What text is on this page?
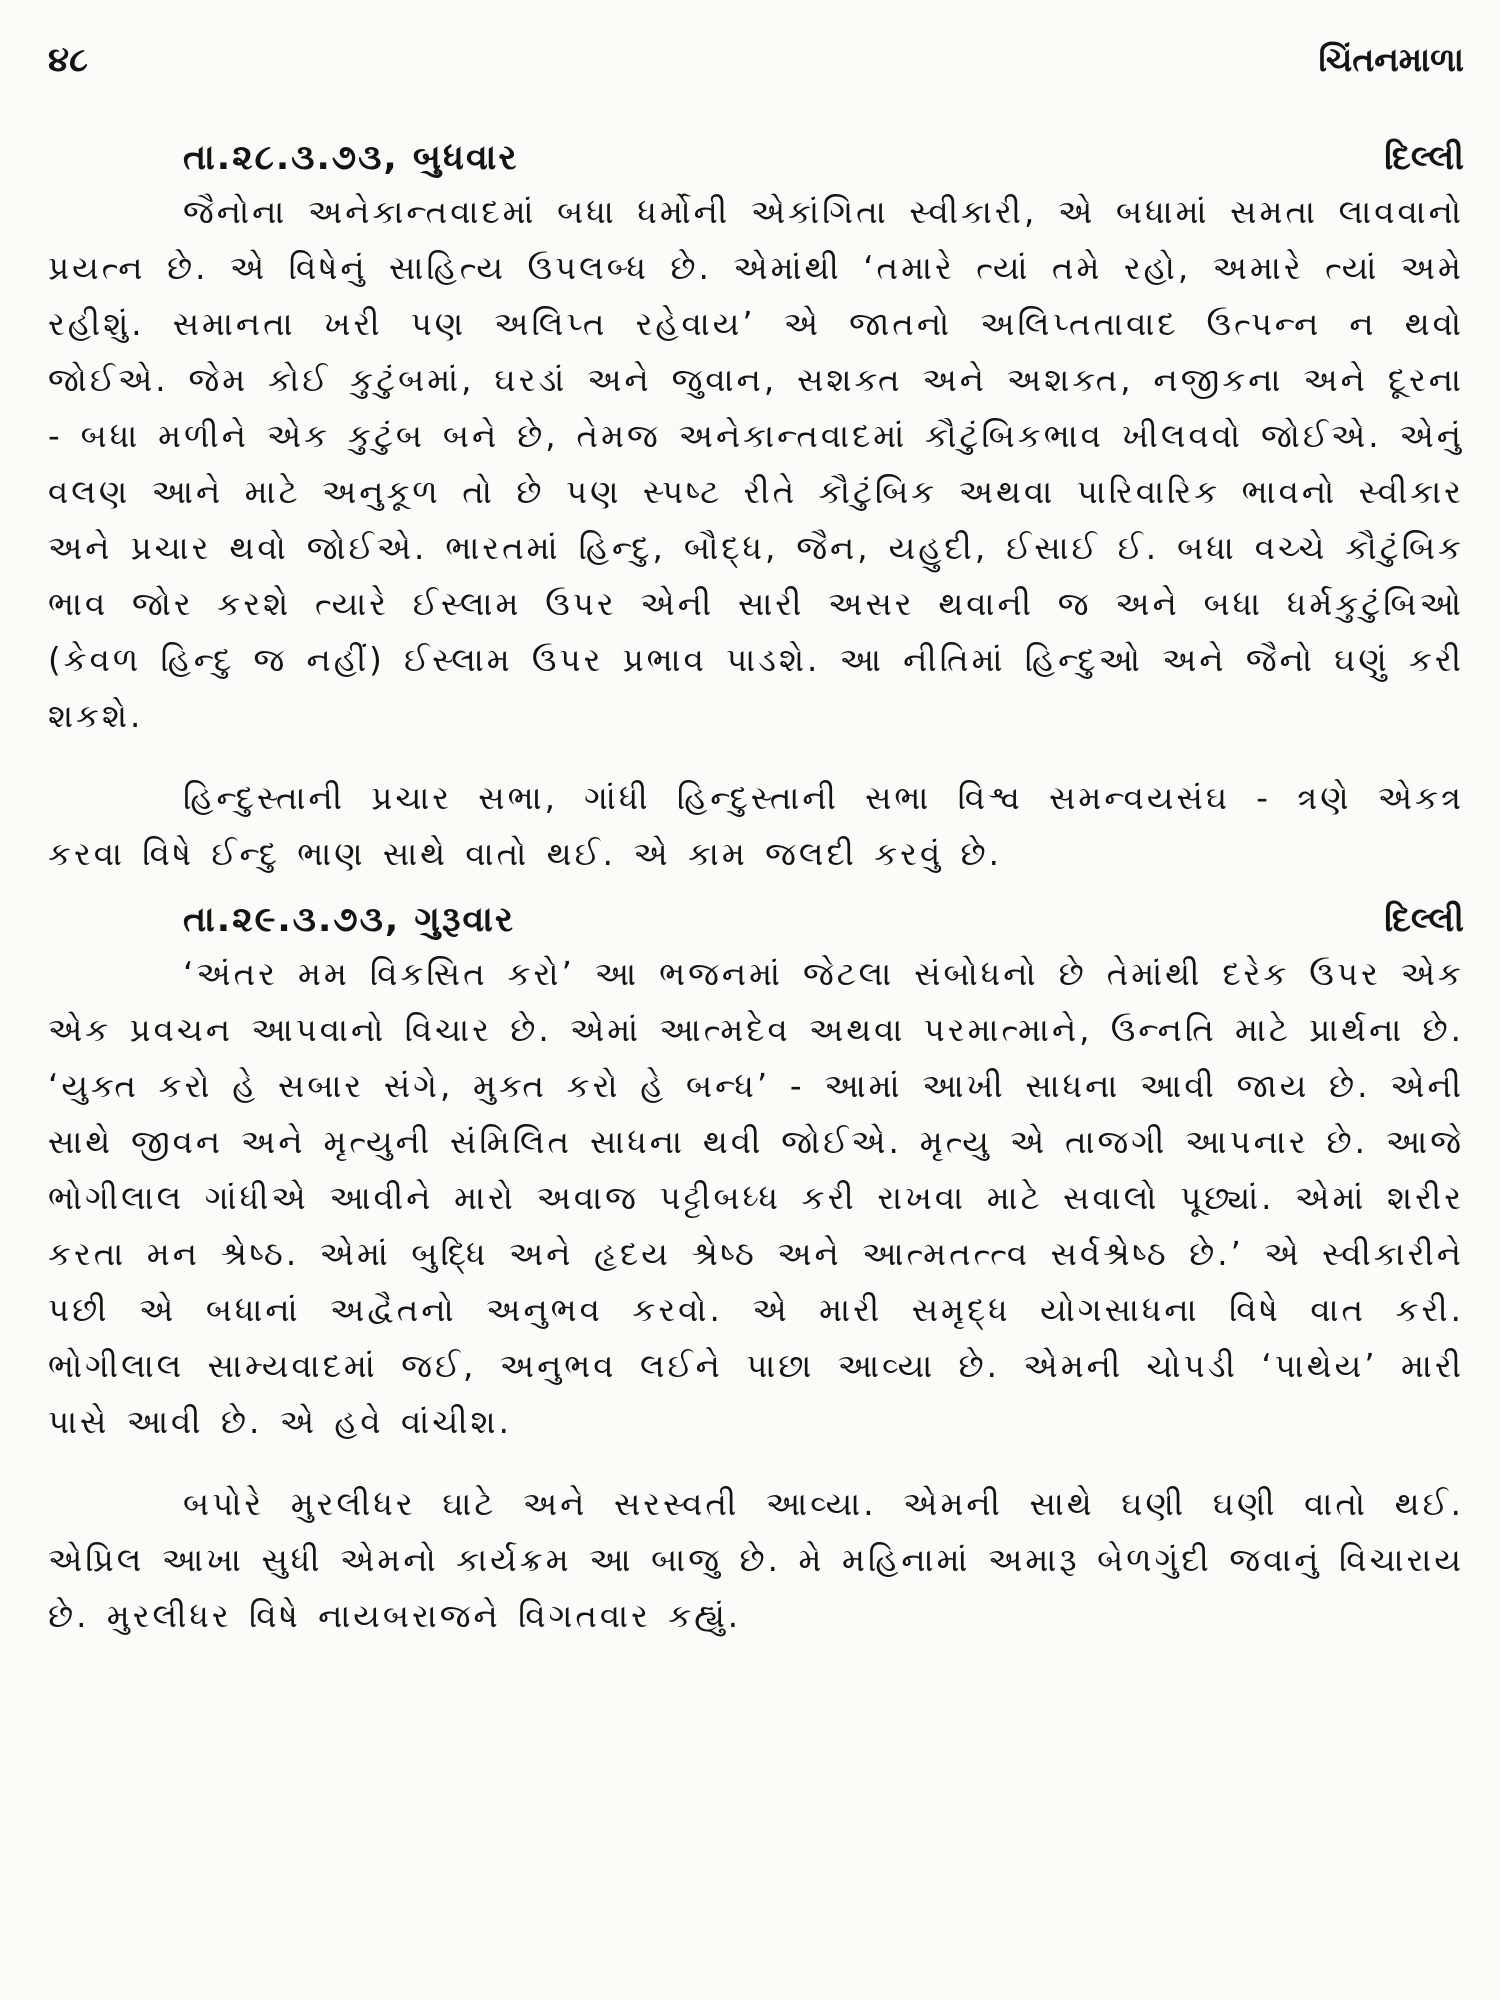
૪૮	ચિંતનમાળા
તા.૨૮.૩.૭૩, બુધવાર	દિલ્લી

જૈનોના અનેકાન્તવાદમાં બધા ધર્મોની એકાંગિતા સ્વીકારી, એ બધામાં સમતા લાવવાનો પ્રયત્ન છે. એ વિષેનું સાહિત્ય ઉપલબ્ધ છે. એમાંથી ‘તમારે ત્યાં તમે રહો, અમારે ત્યાં અમે રહીશું. સમાનતા ખરી પણ અલિપ્ત રહેવાય’ એ જાતનો અલિપ્તતાવાદ ઉત્પન્ન ન થવો જોઈએ. જેમ કોઈ કુટુંબમાં, ઘરડાં અને જુવાન, સશક્ત અને અશક્ત, નજીકના અને દૂરના - બધા મળીને એક કુટુંબ બને છે, તેમજ અનેકાન્તવાદમાં કૌટુંબિકભાવ ખીલવવો જોઈએ. એનું વલણ આને માટે અનુકૂળ તો છે પણ સ્પષ્ટ રીતે કૌટુંબિક અથવા પારિવારિક ભાવનો સ્વીકાર અને પ્રચાર થવો જોઈએ. ભારતમાં હિન્દુ, બૌદ્ધ, જૈન, યહુદી, ઈસાઈ ઈ. બધા વચ્ચે કૌટુંબિક ભાવ જોર કરશે ત્યારે ઈસ્લામ ઉપર એની સારી અસર થવાની જ અને બધા ધર્મકુટુંબિઓ (કેવળ હિન્દુ જ નહીં) ઈસ્લામ ઉપર પ્રભાવ પાડશે. આ નીતિમાં હિન્દુઓ અને જૈનો ઘણું કરી શકશે.

હિન્દુસ્તાની પ્રચાર સભા, ગાંધી હિન્દુસ્તાની સભા વિશ્વ સમન્વયસંઘ - ત્રણે એકત્ર કરવા વિષે ઈન્દુ ભાણ સાથે વાતો થઈ. એ કામ જલદી કરવું છે.

તા.૨૯.૩.૭૩, ગુરૂવાર	દિલ્લી

‘અંતર મમ વિકસિત કરો’ આ ભજનમાં જેટલા સંબોધનો છે તેમાંથી દરેક ઉપર એક એક પ્રવચન આપવાનો વિચાર છે. એમાં આત્મદેવ અથવા પરમાત્માને, ઉન્નતિ માટે પ્રાર્થના છે. ‘યુક્ત કરો હે સબાર સંગે, મુક્ત કરો હે બન્ધ’ - આમાં આખી સાધના આવી જાય છે. એની સાથે જીવન અને મૃત્યુની સંમિલિત સાધના થવી જોઈએ. મૃત્યુ એ તાજગી આપનાર છે. આજે ભોગીલાલ ગાંધીએ આવીને મારો અવાજ પટ્ટીબધ્ધ કરી રાખવા માટે સવાલો પૂછ્યાં. એમાં શરીર કરતા મન શ્રેષ્ઠ. એમાં બુદ્ધિ અને હૃદય શ્રેષ્ઠ અને આત્મતત્ત્વ સર્વશ્રેષ્ઠ છે.’ એ સ્વીકારીને પછી એ બધાનાં અદ્વૈતનો અનુભવ કરવો. એ મારી સમૃદ્ધ યોગસાધના વિષે વાત કરી. ભોગીલાલ સામ્યવાદમાં જઈ, અનુભવ લઈને પાછા આવ્યા છે. એમની ચોપડી ‘પાથેય’ મારી પાસે આવી છે. એ હવે વાંચીશ.

બપોરે મુરલીધર ઘાટે અને સરસ્વતી આવ્યા. એમની સાથે ઘણી ઘણી વાતો થઈ. એપ્રિલ આખા સુધી એમનો કાર્યક્રમ આ બાજુ છે. મે મહિનામાં અમારૂ બેળગુંદી જવાનું વિચારાય છે. મુરલીધર વિષે નાયબરાજને વિગતવાર કહ્યું.
